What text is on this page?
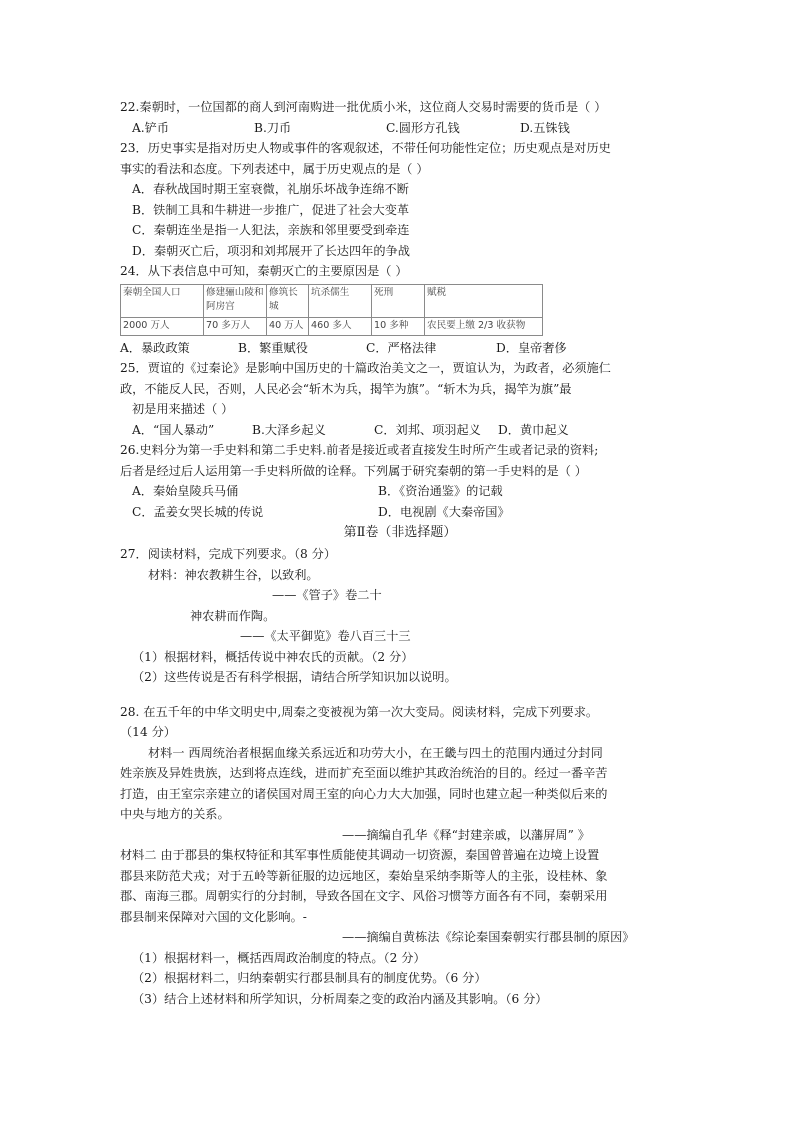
22.秦朝时，一位国都的商人到河南购进一批优质小米，这位商人交易时需要的货币是（ ）
A.铲币	B.刀币	C.圆形方孔钱	D.五铢钱
23．历史事实是指对历史人物或事件的客观叙述，不带任何功能性定位；历史观点是对历史
事实的看法和态度。下列表述中，属于历史观点的是（ ）
A．春秋战国时期王室衰微，礼崩乐坏战争连绵不断
B．铁制工具和牛耕进一步推广，促进了社会大变革
C．秦朝连坐是指一人犯法，亲族和邻里要受到牵连
D．秦朝灭亡后，项羽和刘邦展开了长达四年的争战
24．从下表信息中可知，秦朝灭亡的主要原因是（ ）
秦朝全国人口	修建骊山陵和阿房宫	修筑长城	坑杀儒生	死刑	赋税
2000 万人	70 多万人	40 万人	460 多人	10 多种	农民要上缴 2/3 收获物
A．暴政政策	B．繁重赋役	C．严格法律	D．皇帝奢侈
25．贾谊的《过秦论》是影响中国历史的十篇政治美文之一，贾谊认为，为政者，必须施仁
政，不能反人民，否则，人民必会“斩木为兵，揭竿为旗”。“斩木为兵，揭竿为旗”最
初是用来描述（ ）
A．“国人暴动”	B.大泽乡起义	C．刘邦、项羽起义 D．黄巾起义
26.史料分为第一手史料和第二手史料.前者是接近或者直接发生时所产生或者记录的资料;
后者是经过后人运用第一手史料所做的诠释。下列属于研究秦朝的第一手史料的是（ ）
A．秦始皇陵兵马俑	B．《资治通鉴》的记载
C．孟姜女哭长城的传说	D．电视剧《大秦帝国》
第Ⅱ卷（非选择题）
27．阅读材料，完成下列要求。（8 分）
材料：神农教耕生谷，以致利。
——《管子》卷二十
神农耕而作陶。
——《太平御览》卷八百三十三
（1）根据材料，概括传说中神农氏的贡献。（2 分）
（2）这些传说是否有科学根据，请结合所学知识加以说明。
28. 在五千年的中华文明史中,周秦之变被视为第一次大变局。阅读材料，完成下列要求。
（14 分）
材料一 西周统治者根据血缘关系远近和功劳大小，在王畿与四土的范围内通过分封同
姓亲族及异姓贵族，达到将点连线，进而扩充至面以维护其政治统治的目的。经过一番辛苦
打造，由王室宗亲建立的诸侯国对周王室的向心力大大加强，同时也建立起一种类似后来的
中央与地方的关系。
——摘编自孔华《释“封建亲戚，以藩屏周” 》
材料二 由于郡县的集权特征和其军事性质能使其调动一切资源，秦国曾普遍在边境上设置
郡县来防范犬戎；对于五岭等新征服的边远地区，秦始皇采纳李斯等人的主张，设桂林、象
郡、南海三郡。周朝实行的分封制，导致各国在文字、风俗习惯等方面各有不同，秦朝采用
郡县制来保障对六国的文化影响。-
——摘编自黄栋法《综论秦国秦朝实行郡县制的原因》
（1）根据材料一，概括西周政治制度的特点。（2 分）
（2）根据材料二，归纳秦朝实行郡县制具有的制度优势。（6 分）
（3）结合上述材料和所学知识，分析周秦之变的政治内涵及其影响。（6 分）
